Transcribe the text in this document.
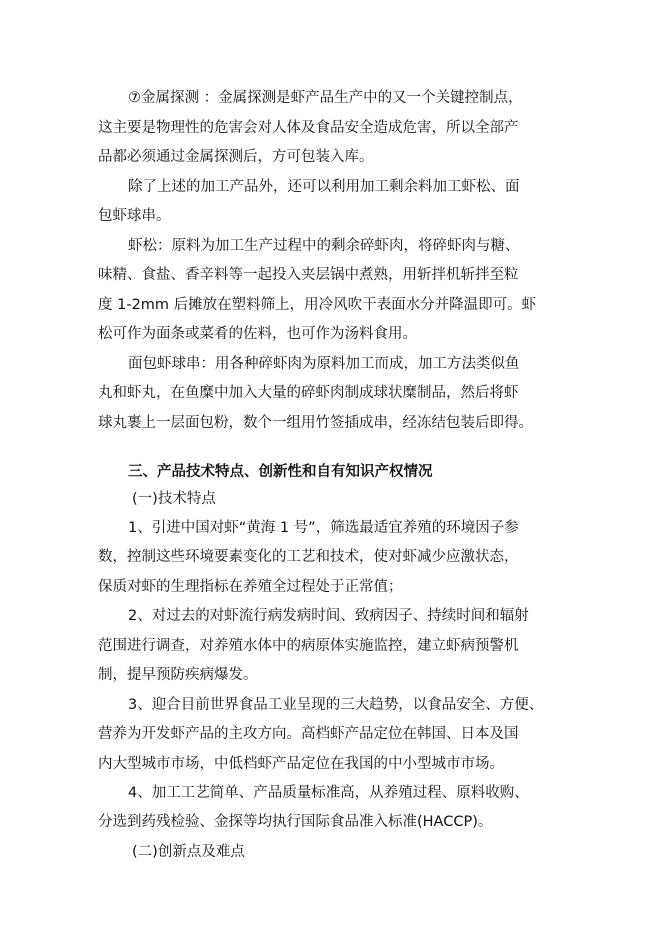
⑦金属探测 ：金属探测是虾产品生产中的又一个关键控制点，
这主要是物理性的危害会对人体及食品安全造成危害，所以全部产
品都必须通过金属探测后，方可包装入库。
除了上述的加工产品外，还可以利用加工剩余料加工虾松、面
包虾球串。
虾松：原料为加工生产过程中的剩余碎虾肉，将碎虾肉与糖、
味精、食盐、香辛料等一起投入夹层锅中煮熟，用斩拌机斩拌至粒
度 1-2mm 后摊放在塑料筛上，用冷风吹干表面水分并降温即可。虾
松可作为面条或菜肴的佐料，也可作为汤料食用。
面包虾球串：用各种碎虾肉为原料加工而成，加工方法类似鱼
丸和虾丸，在鱼糜中加入大量的碎虾肉制成球状糜制品，然后将虾
球丸裹上一层面包粉，数个一组用竹签插成串，经冻结包装后即得。
三、产品技术特点、创新性和自有知识产权情况
(一)技术特点
1、引进中国对虾“黄海 1 号”，筛选最适宜养殖的环境因子参
数，控制这些环境要素变化的工艺和技术，使对虾减少应激状态，
保质对虾的生理指标在养殖全过程处于正常值；
2、对过去的对虾流行病发病时间、致病因子、持续时间和辐射
范围进行调查，对养殖水体中的病原体实施监控，建立虾病预警机
制，提早预防疾病爆发。
3、迎合目前世界食品工业呈现的三大趋势，以食品安全、方便、
营养为开发虾产品的主攻方向。高档虾产品定位在韩国、日本及国
内大型城市市场，中低档虾产品定位在我国的中小型城市市场。
4、加工工艺简单、产品质量标准高，从养殖过程、原料收购、
分选到药残检验、金探等均执行国际食品准入标准(HACCP)。
(二)创新点及难点
